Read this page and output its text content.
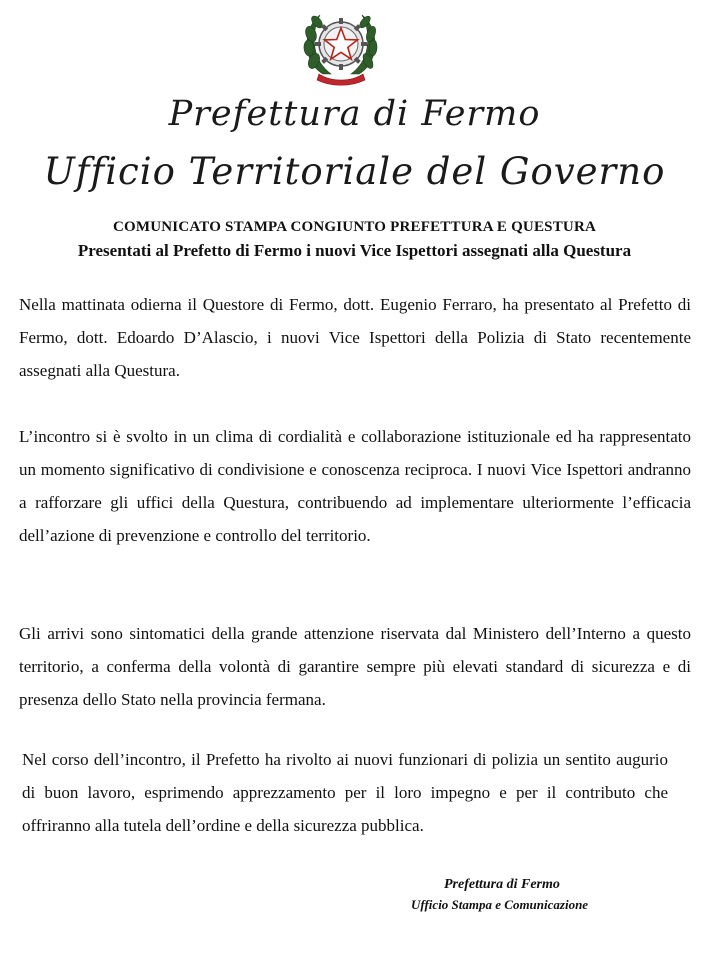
Prefettura di Fermo
Ufficio Territoriale del Governo
COMUNICATO STAMPA CONGIUNTO PREFETTURA E QUESTURA
Presentati al Prefetto di Fermo i nuovi Vice Ispettori assegnati alla Questura

Nella mattinata odierna il Questore di Fermo, dott. Eugenio Ferraro, ha presentato al Prefetto di Fermo, dott. Edoardo D’Alascio, i nuovi Vice Ispettori della Polizia di Stato recentemente assegnati alla Questura.

L’incontro si è svolto in un clima di cordialità e collaborazione istituzionale ed ha rappresentato un momento significativo di condivisione e conoscenza reciproca. I nuovi Vice Ispettori andranno a rafforzare gli uffici della Questura, contribuendo ad implementare ulteriormente l’efficacia dell’azione di prevenzione e controllo del territorio.

Gli arrivi sono sintomatici della grande attenzione riservata dal Ministero dell’Interno a questo territorio, a conferma della volontà di garantire sempre più elevati standard di sicurezza e di presenza dello Stato nella provincia fermana.

Nel corso dell’incontro, il Prefetto ha rivolto ai nuovi funzionari di polizia un sentito augurio di buon lavoro, esprimendo apprezzamento per il loro impegno e per il contributo che offriranno alla tutela dell’ordine e della sicurezza pubblica.

Prefettura di Fermo
Ufficio Stampa e Comunicazione
